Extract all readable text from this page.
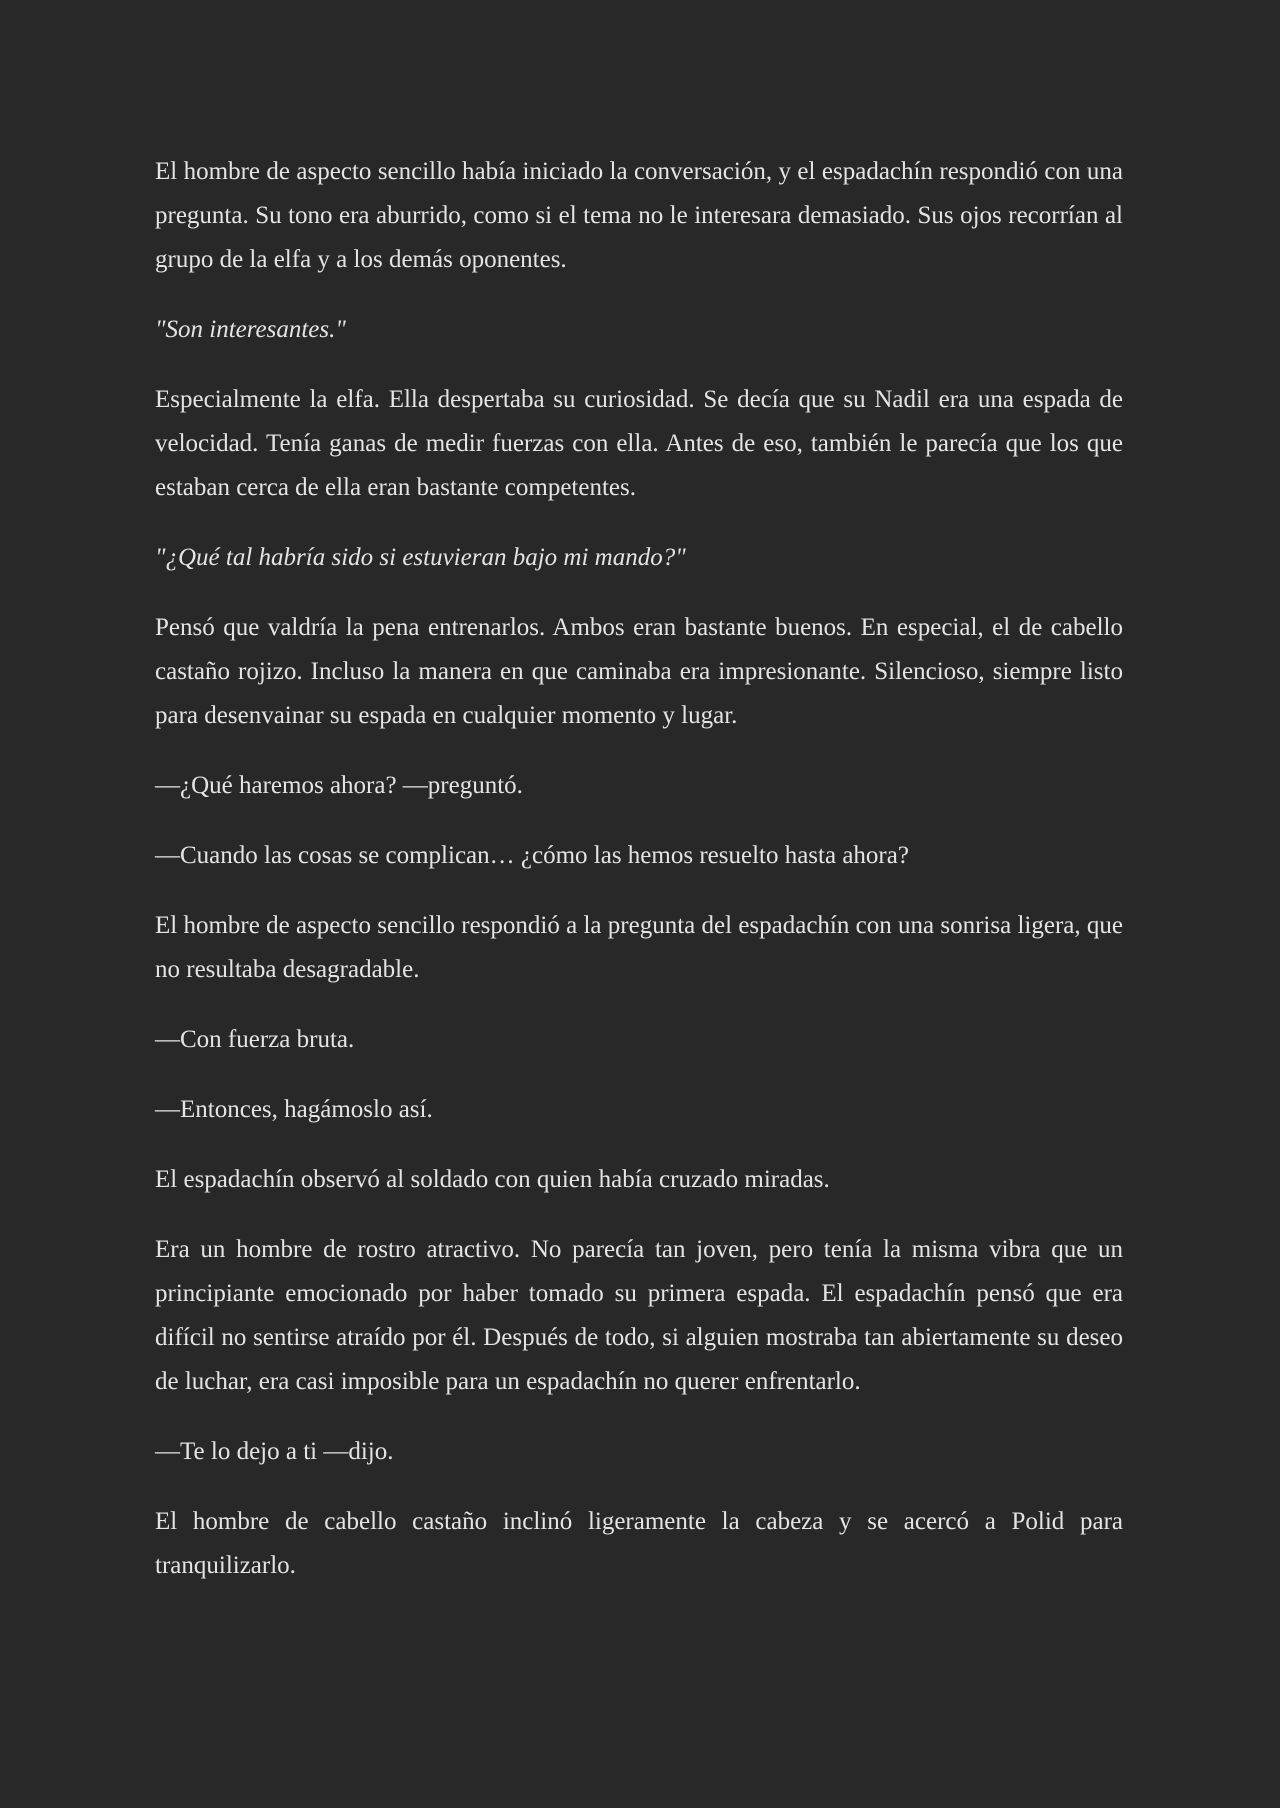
El hombre de aspecto sencillo había iniciado la conversación, y el espadachín respondió con una pregunta. Su tono era aburrido, como si el tema no le interesara demasiado. Sus ojos recorrían al grupo de la elfa y a los demás oponentes.

"Son interesantes."

Especialmente la elfa. Ella despertaba su curiosidad. Se decía que su Nadil era una espada de velocidad. Tenía ganas de medir fuerzas con ella. Antes de eso, también le parecía que los que estaban cerca de ella eran bastante competentes.

"¿Qué tal habría sido si estuvieran bajo mi mando?"

Pensó que valdría la pena entrenarlos. Ambos eran bastante buenos. En especial, el de cabello castaño rojizo. Incluso la manera en que caminaba era impresionante. Silencioso, siempre listo para desenvainar su espada en cualquier momento y lugar.

—¿Qué haremos ahora? —preguntó.

—Cuando las cosas se complican… ¿cómo las hemos resuelto hasta ahora?

El hombre de aspecto sencillo respondió a la pregunta del espadachín con una sonrisa ligera, que no resultaba desagradable.

—Con fuerza bruta.

—Entonces, hagámoslo así.

El espadachín observó al soldado con quien había cruzado miradas.

Era un hombre de rostro atractivo. No parecía tan joven, pero tenía la misma vibra que un principiante emocionado por haber tomado su primera espada. El espadachín pensó que era difícil no sentirse atraído por él. Después de todo, si alguien mostraba tan abiertamente su deseo de luchar, era casi imposible para un espadachín no querer enfrentarlo.

—Te lo dejo a ti —dijo.

El hombre de cabello castaño inclinó ligeramente la cabeza y se acercó a Polid para tranquilizarlo.
